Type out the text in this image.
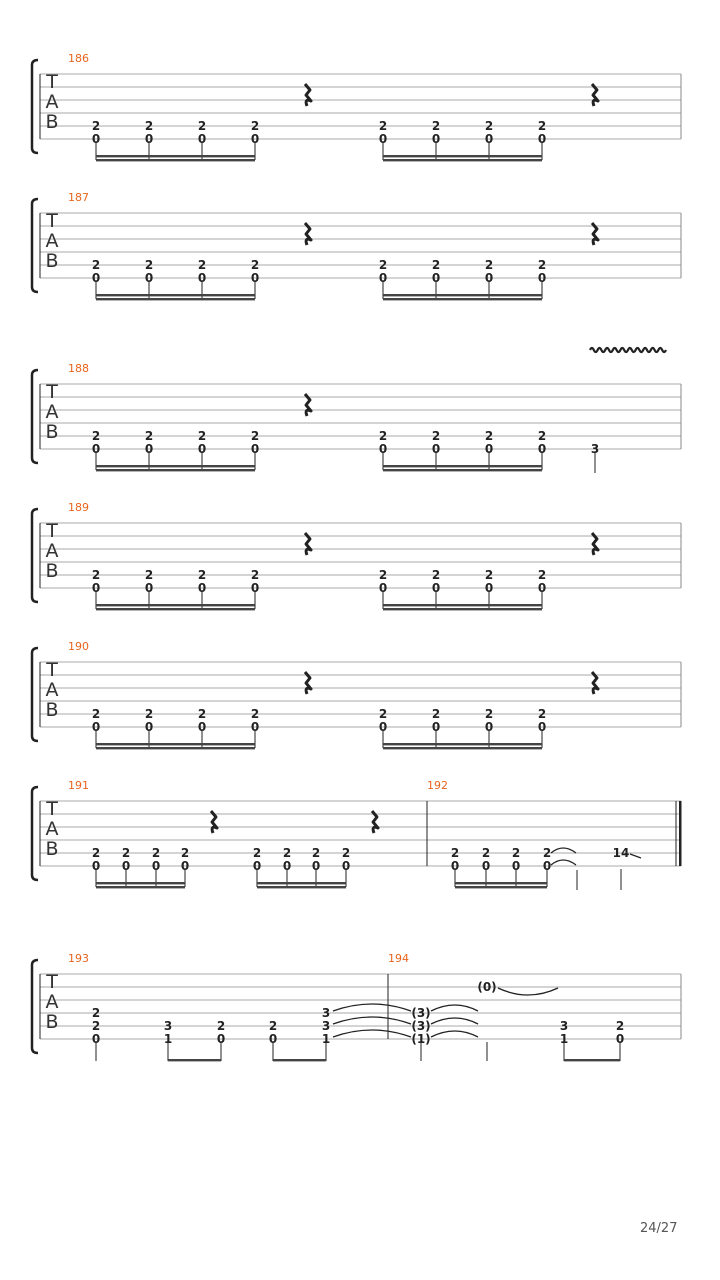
T
A
B
186
2
0
2
0
2
0
2
0
2
0
2
0
2
0
2
0
T
A
B
187
2
0
2
0
2
0
2
0
2
0
2
0
2
0
2
0
T
A
B
188
2
0
2
0
2
0
2
0
2
0
2
0
2
0
2
0	3
T
A
B
189
2
0
2
0
2
0
2
0
2
0
2
0
2
0
2
0
T
A
B
190
2
0
2
0
2
0
2
0
2
0
2
0
2
0
2
0
T
A
B
191	192
2
0
2
0
2
0
2
0
2
0
2
0
2
0
2
0
2
0
2
0
2
0
2
0
14
T
A
B
193	194
2
2
0
3
1
2
0
2
0
3
3
1
(3)
(3)
(1)
(0)
3
1
2
0
24/27
